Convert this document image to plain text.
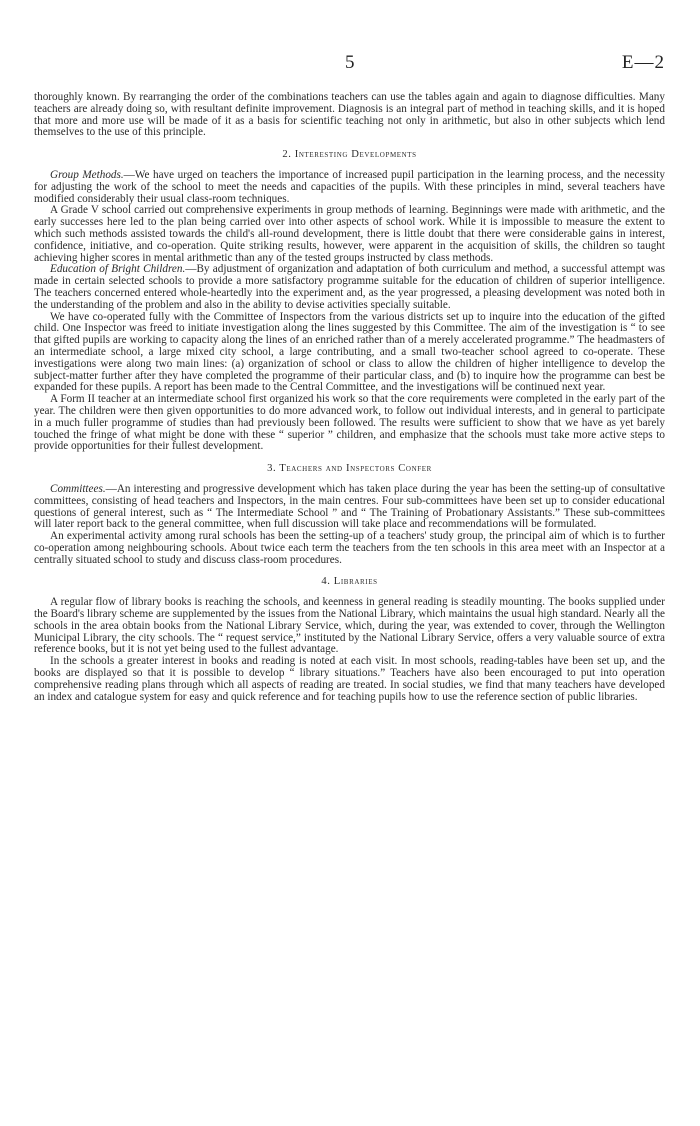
5	E—2

thoroughly known. By rearranging the order of the combinations teachers can use the tables again and again to diagnose difficulties. Many teachers are already doing so, with resultant definite improvement. Diagnosis is an integral part of method in teaching skills, and it is hoped that more and more use will be made of it as a basis for scientific teaching not only in arithmetic, but also in other subjects which lend themselves to the use of this principle.

2. Interesting Developments

Group Methods.—We have urged on teachers the importance of increased pupil participation in the learning process, and the necessity for adjusting the work of the school to meet the needs and capacities of the pupils. With these principles in mind, several teachers have modified considerably their usual class-room techniques.

A Grade V school carried out comprehensive experiments in group methods of learning. Beginnings were made with arithmetic, and the early successes here led to the plan being carried over into other aspects of school work. While it is impossible to measure the extent to which such methods assisted towards the child's all-round development, there is little doubt that there were considerable gains in interest, confidence, initiative, and co-operation. Quite striking results, however, were apparent in the acquisition of skills, the children so taught achieving higher scores in mental arithmetic than any of the tested groups instructed by class methods.

Education of Bright Children.—By adjustment of organization and adaptation of both curriculum and method, a successful attempt was made in certain selected schools to provide a more satisfactory programme suitable for the education of children of superior intelligence. The teachers concerned entered whole-heartedly into the experiment and, as the year progressed, a pleasing development was noted both in the understanding of the problem and also in the ability to devise activities specially suitable.

We have co-operated fully with the Committee of Inspectors from the various districts set up to inquire into the education of the gifted child. One Inspector was freed to initiate investigation along the lines suggested by this Committee. The aim of the investigation is “ to see that gifted pupils are working to capacity along the lines of an enriched rather than of a merely accelerated programme.” The headmasters of an intermediate school, a large mixed city school, a large contributing, and a small two-teacher school agreed to co-operate. These investigations were along two main lines: (a) organization of school or class to allow the children of higher intelligence to develop the subject-matter further after they have completed the programme of their particular class, and (b) to inquire how the programme can best be expanded for these pupils. A report has been made to the Central Committee, and the investigations will be continued next year.

A Form II teacher at an intermediate school first organized his work so that the core requirements were completed in the early part of the year. The children were then given opportunities to do more advanced work, to follow out individual interests, and in general to participate in a much fuller programme of studies than had previously been followed. The results were sufficient to show that we have as yet barely touched the fringe of what might be done with these “ superior ” children, and emphasize that the schools must take more active steps to provide opportunities for their fullest development.

3. Teachers and Inspectors Confer

Committees.—An interesting and progressive development which has taken place during the year has been the setting-up of consultative committees, consisting of head teachers and Inspectors, in the main centres. Four sub-committees have been set up to consider educational questions of general interest, such as “ The Intermediate School ” and “ The Training of Probationary Assistants.” These sub-committees will later report back to the general committee, when full discussion will take place and recommendations will be formulated.

An experimental activity among rural schools has been the setting-up of a teachers' study group, the principal aim of which is to further co-operation among neighbouring schools. About twice each term the teachers from the ten schools in this area meet with an Inspector at a centrally situated school to study and discuss class-room procedures.

4. Libraries

A regular flow of library books is reaching the schools, and keenness in general reading is steadily mounting. The books supplied under the Board's library scheme are supplemented by the issues from the National Library, which maintains the usual high standard. Nearly all the schools in the area obtain books from the National Library Service, which, during the year, was extended to cover, through the Wellington Municipal Library, the city schools. The “ request service,” instituted by the National Library Service, offers a very valuable source of extra reference books, but it is not yet being used to the fullest advantage.

In the schools a greater interest in books and reading is noted at each visit. In most schools, reading-tables have been set up, and the books are displayed so that it is possible to develop “ library situations.” Teachers have also been encouraged to put into operation comprehensive reading plans through which all aspects of reading are treated. In social studies, we find that many teachers have developed an index and catalogue system for easy and quick reference and for teaching pupils how to use the reference section of public libraries.
